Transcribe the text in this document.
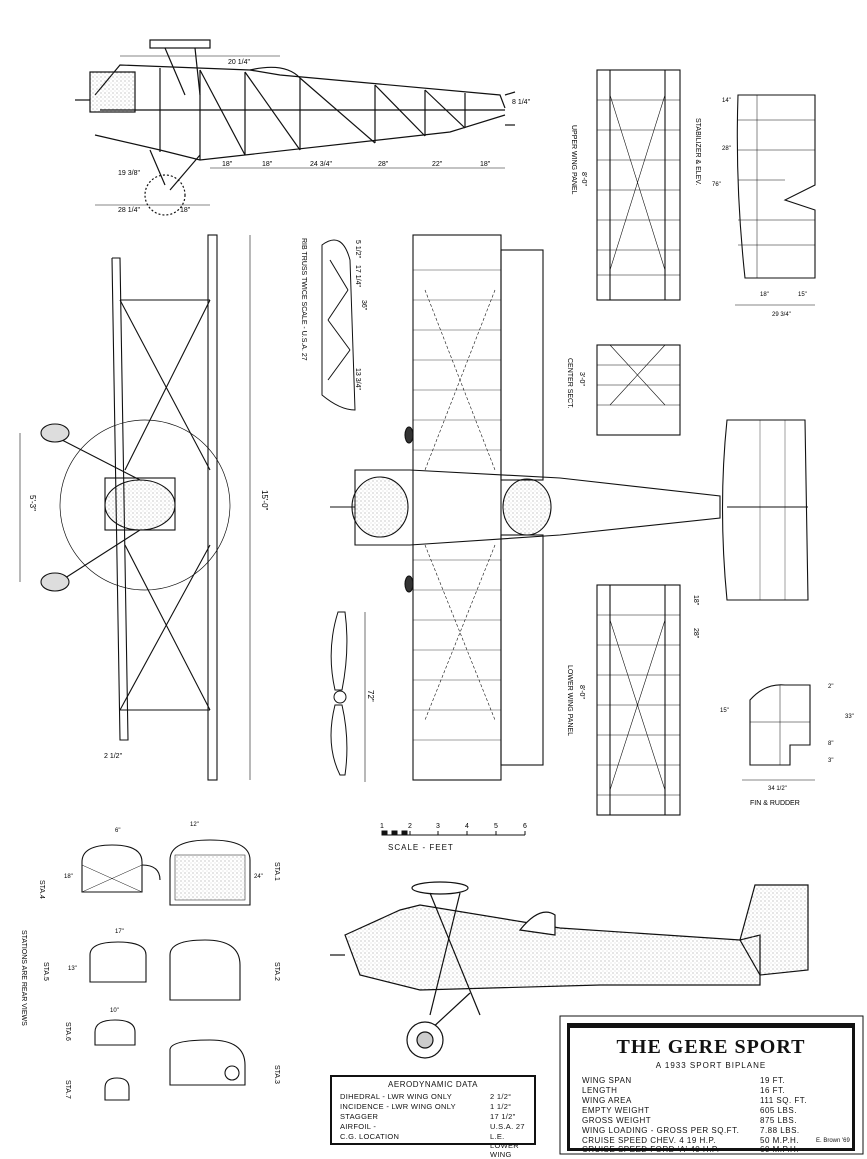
20 1/4"
8 1/4"
19 3/8"
28 1/4"	18"
18"	18"	24 3/4"	28"	22"	18"
15'-0"
5'-3"
2 1/2"
RIB TRUSS TWICE SCALE - U.S.A. 27	5 1/2"
36"
17 1/4"
13 3/4"
72"
UPPER WING PANEL 8'-0"
CENTER SECT. 3'-0"
LOWER WING PANEL 8'-0"
18"
28"
STABILIZER & ELEV.
14"
28"
76"
18"	15"
29 3/4"
FIN & RUDDER
2"
15"
33"
8"
3"
34 1/2"
1	2	3	4	5	6
STA.4
STA.1
STA.5	STA.2
STA.6
STA.3
STA.7
STATIONS ARE REAR VIEWS
6"
12"
18"	24"
17"
13"
10"
THE GERE SPORT
A 1933 SPORT BIPLANE
WING SPAN	19 FT.
LENGTH	16 FT.
WING AREA	111 SQ. FT.
EMPTY WEIGHT	605 LBS.
GROSS WEIGHT	875 LBS.
WING LOADING - GROSS PER SQ.FT.	7.88 LBS.
CRUISE SPEED CHEV. 4 19 H.P.	50 M.P.H.
CRUISE SPEED FORD 'A' 40 H.P.	60 M.P.H.
AERODYNAMIC DATA
DIHEDRAL - LWR WING ONLY	2 1/2°
INCIDENCE - LWR WING ONLY	1 1/2°
STAGGER	17 1/2"
AIRFOIL -	U.S.A. 27
C.G. LOCATION	L.E. LOWER WING
SCALE - FEET
E. Brown '69
